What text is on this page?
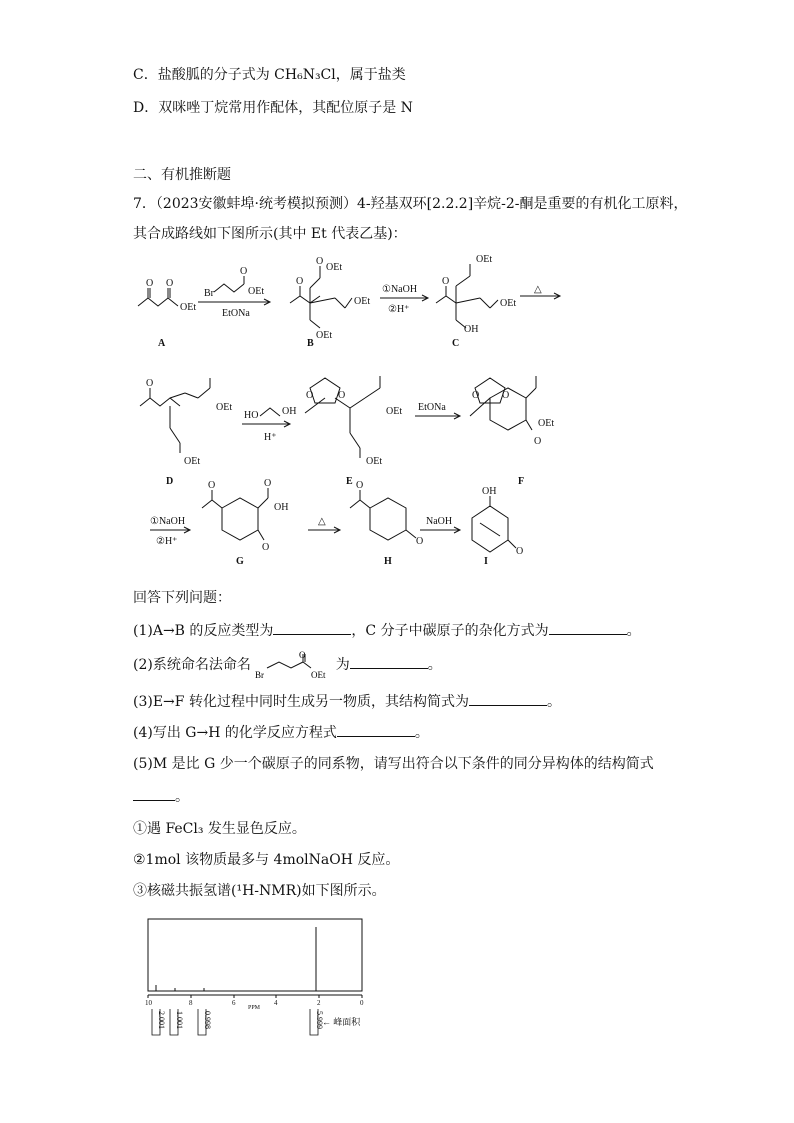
C．盐酸胍的分子式为 CH₆N₃Cl，属于盐类
D．双咪唑丁烷常用作配体，其配位原子是 N
二、有机推断题
7．（2023安徽蚌埠·统考模拟预测）4-羟基双环[2.2.2]辛烷-2-酮是重要的有机化工原料，
其合成路线如下图所示(其中 Et 代表乙基)：
O O
OEt
A
Br	OEt
O
EtONa
O
OEt
O
OEt
OEt
B
①NaOH
②H⁺
OEt
O
OEt
OH
C
△
O
OEt
OEt
D
HO OH
H⁺
O O
OEt
OEt
E
EtONa
O O
OEt
O
F
①NaOH
②H⁺
O	O
OH
O
G
△
O
O
H
NaOH
OH
O
I
回答下列问题：
(1)A→B 的反应类型为	，C 分子中碳原子的杂化方式为	。
(2)系统命名法命名
Br
O
OEt
为	。
(3)E→F 转化过程中同时生成另一物质，其结构简式为	。
(4)写出 G→H 的化学反应方程式	。
(5)M 是比 G 少一个碳原子的同系物，请写出符合以下条件的同分异构体的结构简式
。
①遇 FeCl₃ 发生显色反应。
②1mol 该物质最多与 4molNaOH 反应。
③核磁共振氢谱(¹H-NMR)如下图所示。
10	8	6	4	2	0
PPM
2.001 1.001 0.998	5.999
← 峰面积
